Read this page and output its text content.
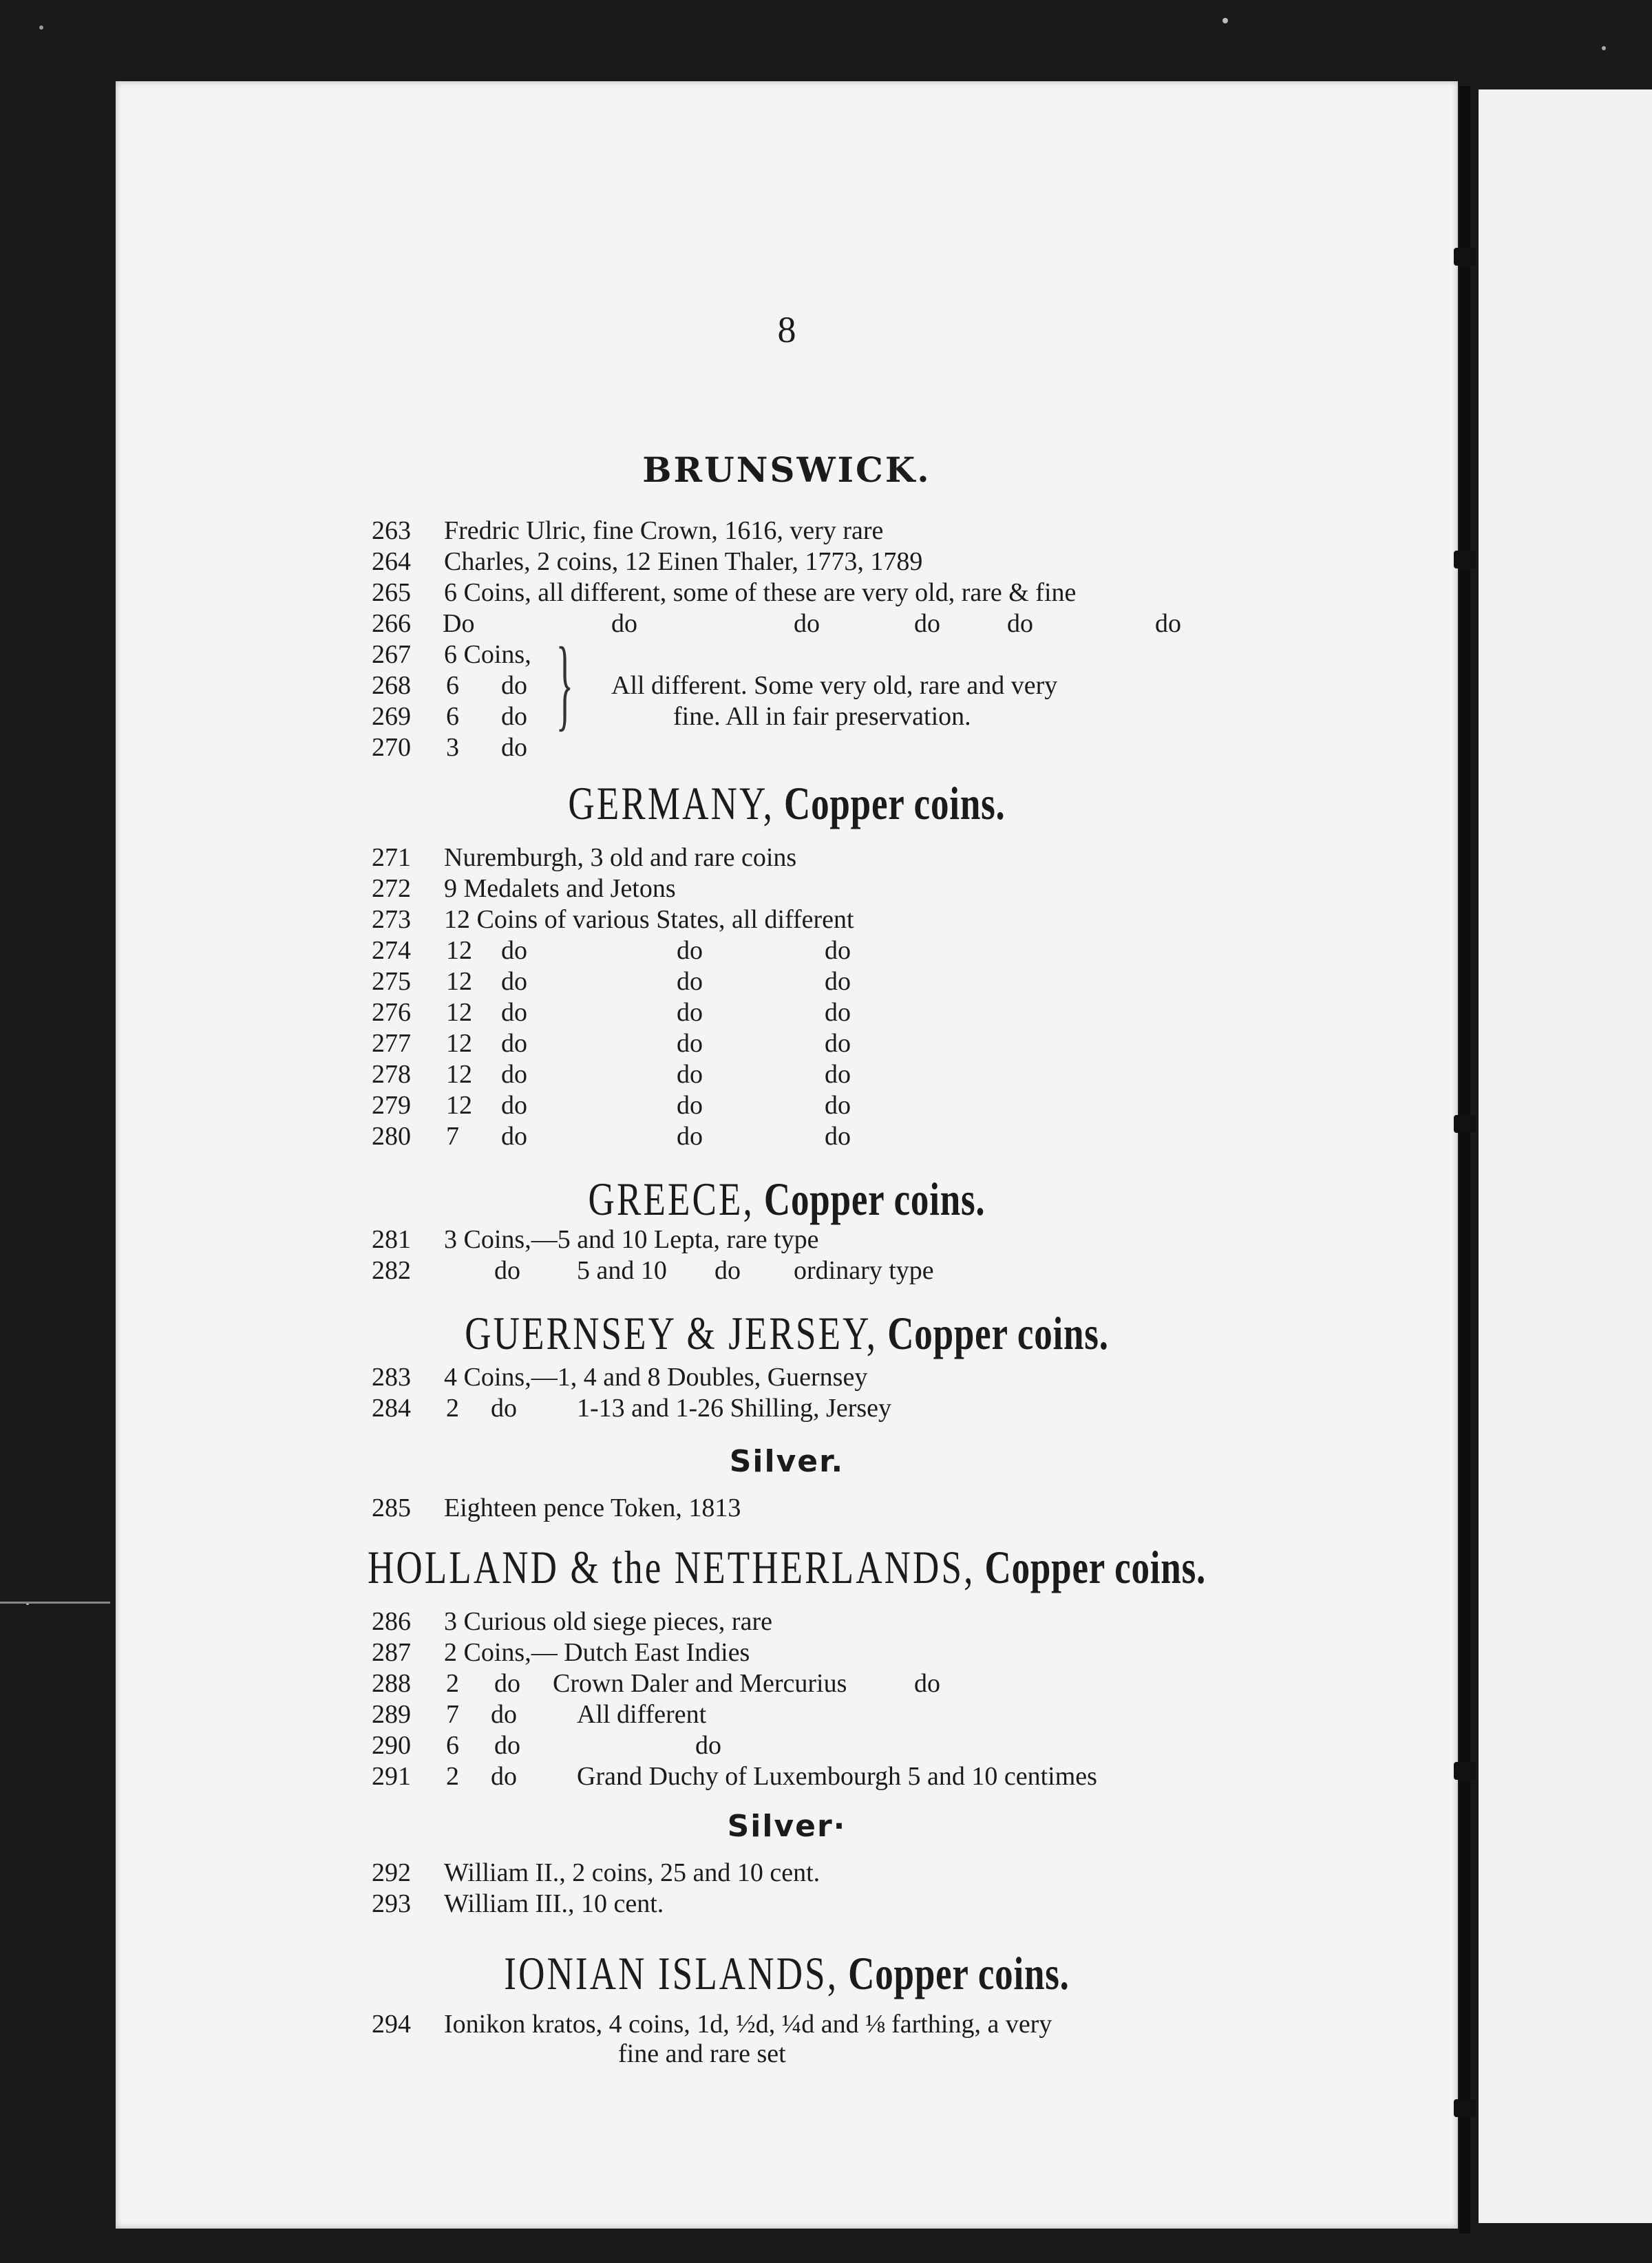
8
BRUNSWICK.
263 Fredric Ulric, fine Crown, 1616, very rare
264 Charles, 2 coins, 12 Einen Thaler, 1773, 1789
265 6 Coins, all different, some of these are very old, rare & fine
266 Do	do	do	do	do	do
267 6 Coins,
268 6 do
269 6 do
270 3 do
} All different. Some very old, rare and very
fine. All in fair preservation.
GERMANY, Copper coins.
271 Nuremburgh, 3 old and rare coins
272 9 Medalets and Jetons
273 12 Coins of various States, all different
274 12 do	do	do
275 12 do	do	do
276 12 do	do	do
277 12 do	do	do
278 12 do	do	do
279 12 do	do	do
280 7 do	do	do
GREECE, Copper coins.
281 3 Coins,—5 and 10 Lepta, rare type
282	do 5 and 10 do ordinary type
GUERNSEY & JERSEY, Copper coins.
283 4 Coins,—1, 4 and 8 Doubles, Guernsey
284 2 do 1-13 and 1-26 Shilling, Jersey
Silver.
285 Eighteen pence Token, 1813
HOLLAND & the NETHERLANDS, Copper coins.
286 3 Curious old siege pieces, rare
287 2 Coins,— Dutch East Indies
288 2 do Crown Daler and Mercurius	do
289 7 do All different
290 6 do	do
291 2 do Grand Duchy of Luxembourgh 5 and 10 centimes
Silver·
292 William II., 2 coins, 25 and 10 cent.
293 William III., 10 cent.
IONIAN ISLANDS, Copper coins.
294 Ionikon kratos, 4 coins, 1d, ½d, ¼d and ⅛ farthing, a very
fine and rare set
